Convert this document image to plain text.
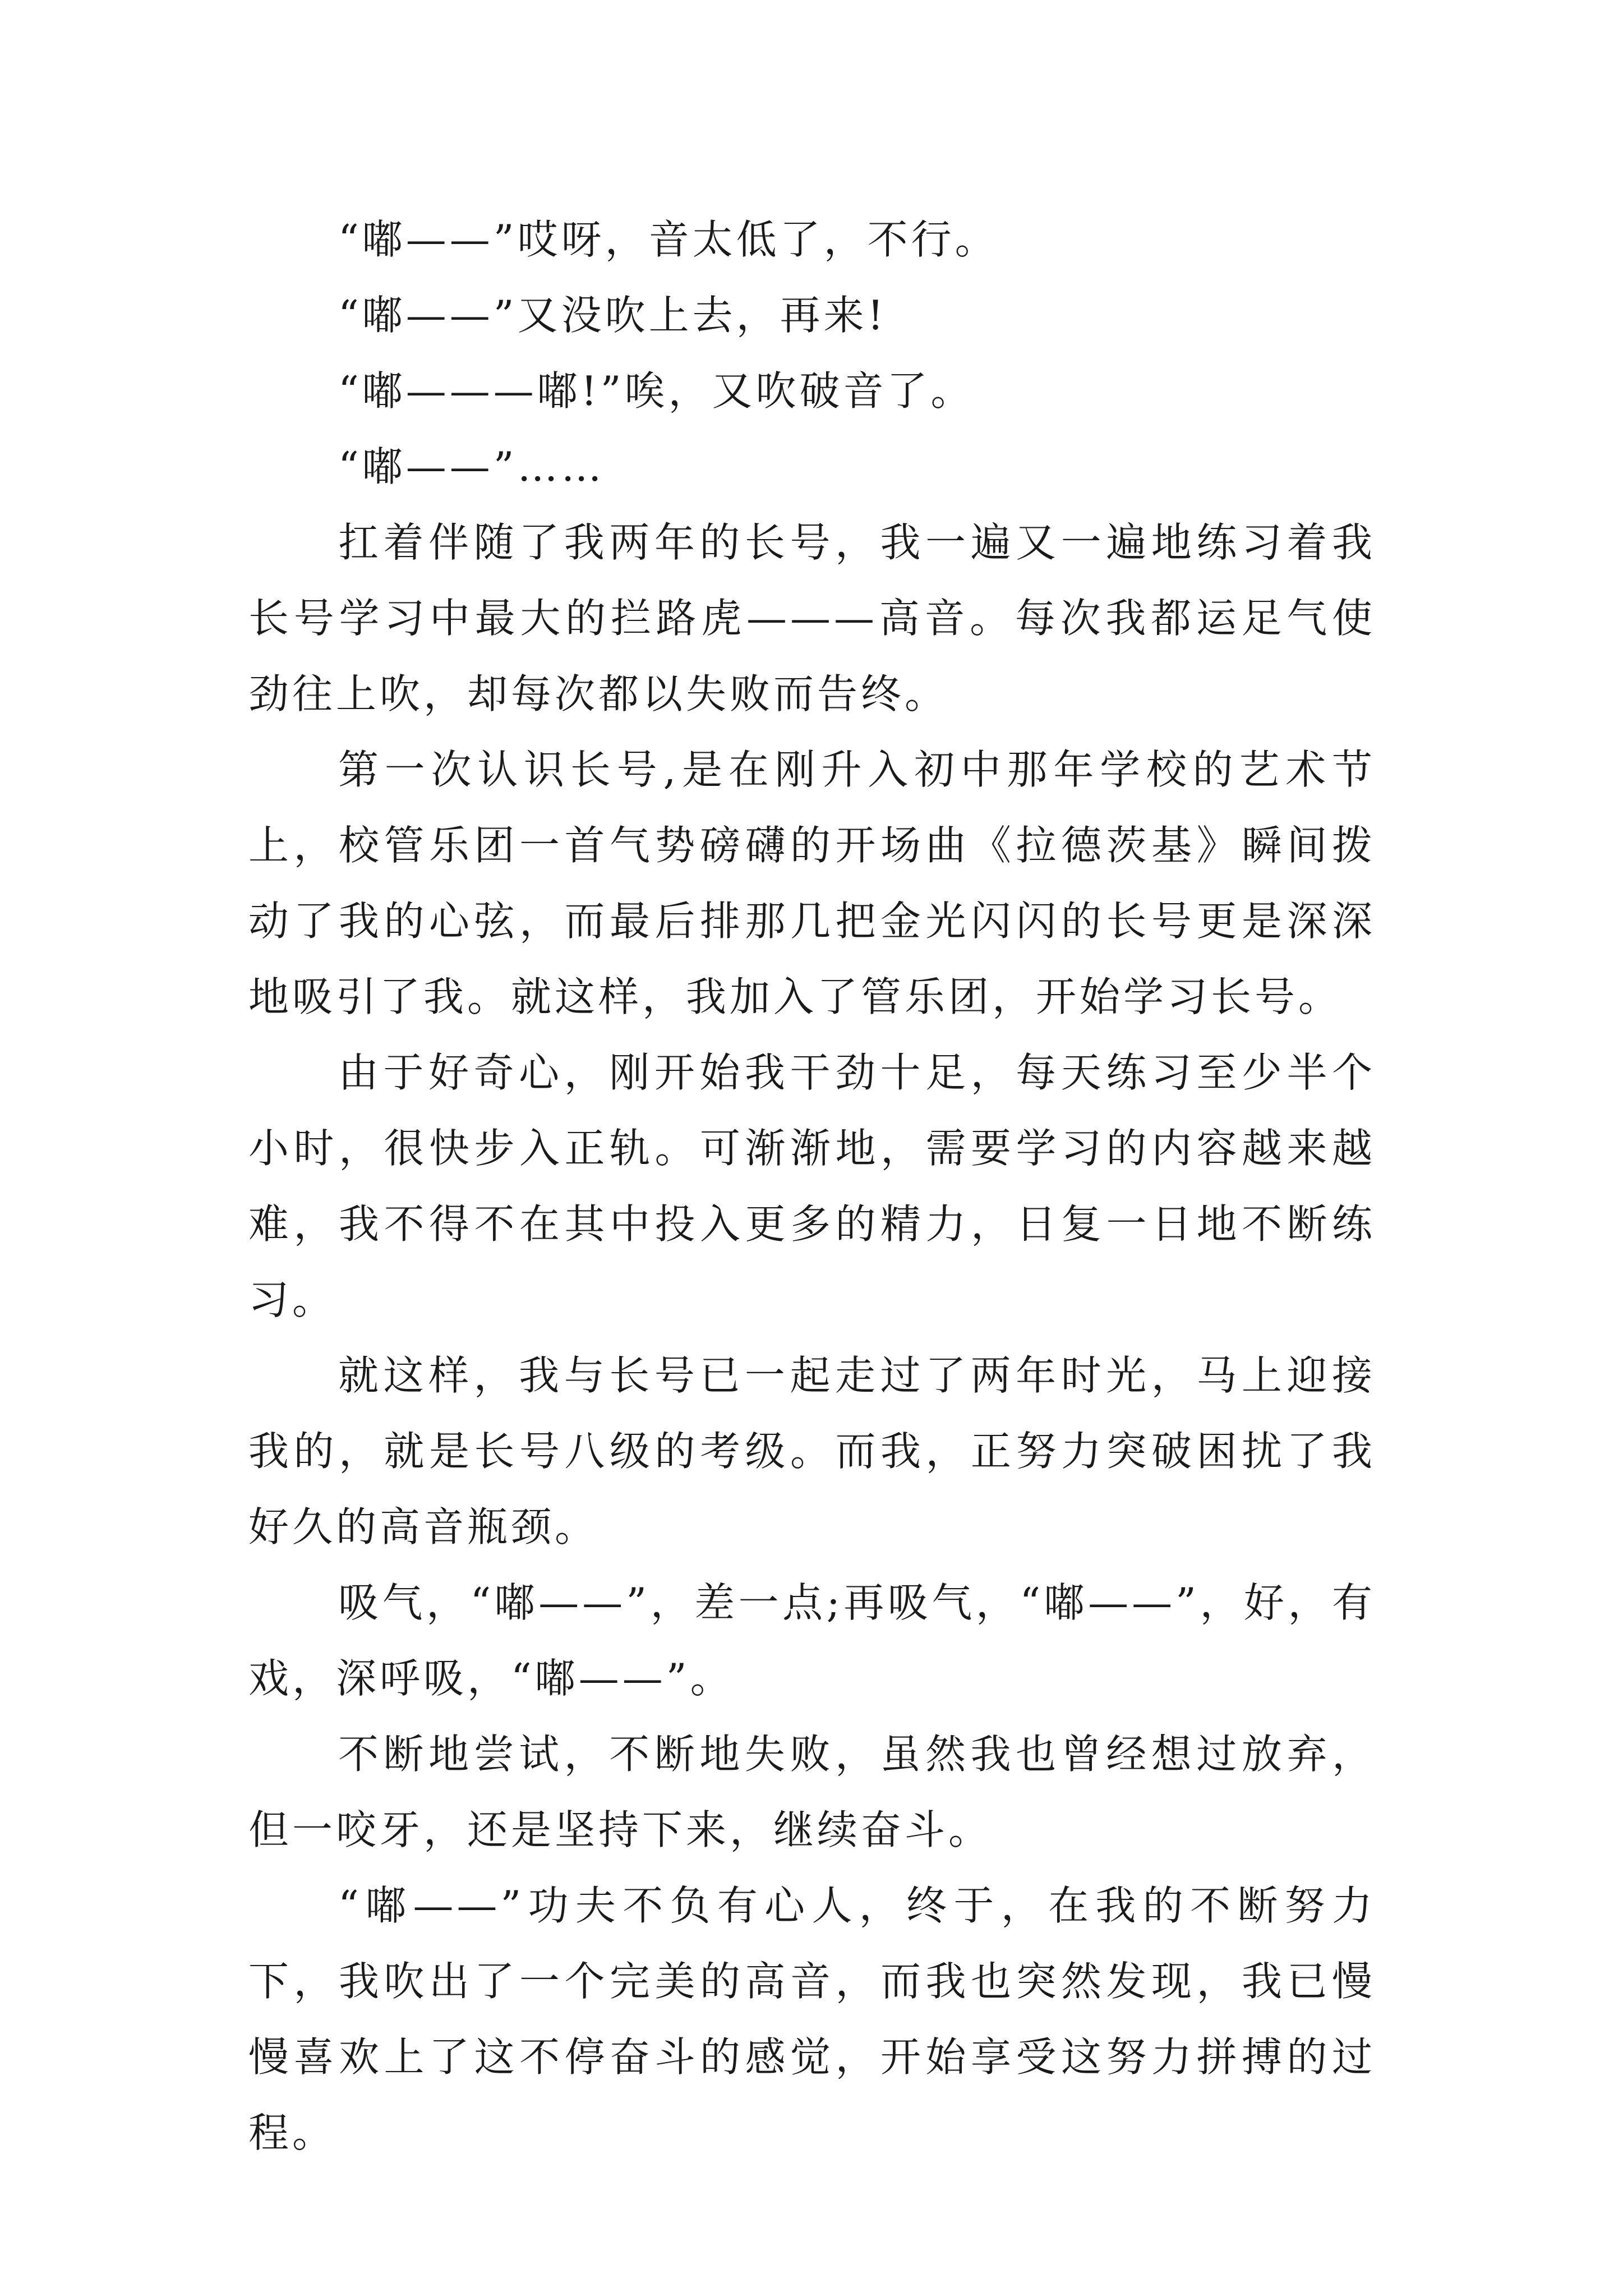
“嘟——”哎呀，音太低了，不行。

“嘟——”又没吹上去，再来!

“嘟———嘟!”唉，又吹破音了。

“嘟——”……

扛着伴随了我两年的长号，我一遍又一遍地练习着我长号学习中最大的拦路虎———高音。每次我都运足气使劲往上吹，却每次都以失败而告终。

第一次认识长号,是在刚升入初中那年学校的艺术节上，校管乐团一首气势磅礴的开场曲《拉德茨基》瞬间拨动了我的心弦，而最后排那几把金光闪闪的长号更是深深地吸引了我。就这样，我加入了管乐团，开始学习长号。

由于好奇心，刚开始我干劲十足，每天练习至少半个小时，很快步入正轨。可渐渐地，需要学习的内容越来越难，我不得不在其中投入更多的精力，日复一日地不断练习。

就这样，我与长号已一起走过了两年时光，马上迎接我的，就是长号八级的考级。而我，正努力突破困扰了我好久的高音瓶颈。

吸气，“嘟——”，差一点;再吸气，“嘟——”，好，有戏，深呼吸，“嘟——”。

不断地尝试，不断地失败，虽然我也曾经想过放弃，但一咬牙，还是坚持下来，继续奋斗。

“嘟——”功夫不负有心人，终于，在我的不断努力下，我吹出了一个完美的高音，而我也突然发现，我已慢慢喜欢上了这不停奋斗的感觉，开始享受这努力拼搏的过程。
